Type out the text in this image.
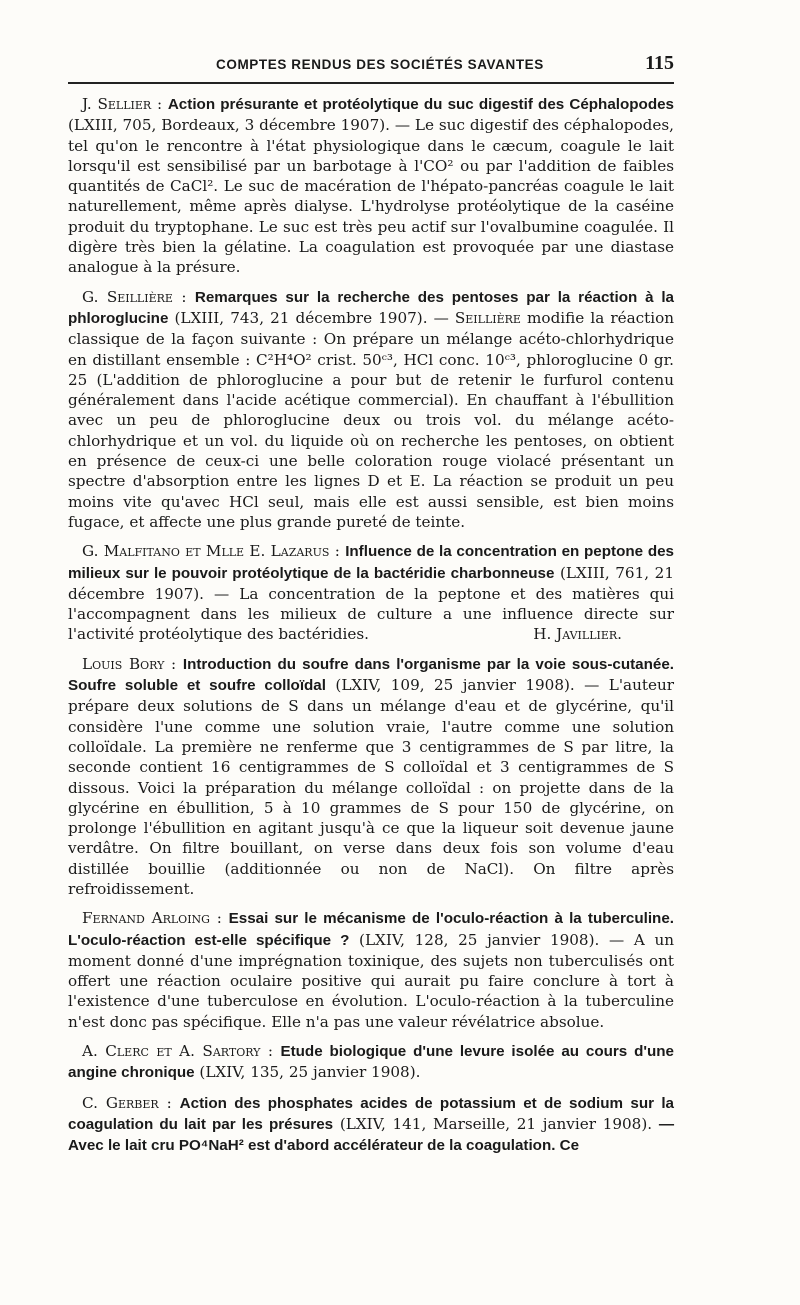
COMPTES RENDUS DES SOCIÉTÉS SAVANTES	115

J. Sellier : Action présurante et protéolytique du suc digestif des Céphalopodes (LXIII, 705, Bordeaux, 3 décembre 1907). — Le suc digestif des céphalopodes, tel qu'on le rencontre à l'état physiologique dans le cæcum, coagule le lait lorsqu'il est sensibilisé par un barbotage à l'CO² ou par l'addition de faibles quantités de CaCl². Le suc de macération de l'hépato-pancréas coagule le lait naturellement, même après dialyse. L'hydrolyse protéolytique de la caséine produit du tryptophane. Le suc est très peu actif sur l'ovalbumine coagulée. Il digère très bien la gélatine. La coagulation est provoquée par une diastase analogue à la présure.

G. Seillière : Remarques sur la recherche des pentoses par la réaction à la phloroglucine (LXIII, 743, 21 décembre 1907). — Seillière modifie la réaction classique de la façon suivante : On prépare un mélange acéto-chlorhydrique en distillant ensemble : C²H⁴O² crist. 50ᶜ³, HCl conc. 10ᶜ³, phloroglucine 0 gr. 25 (L'addition de phloroglucine a pour but de retenir le furfurol contenu généralement dans l'acide acétique commercial). En chauffant à l'ébullition avec un peu de phloroglucine deux ou trois vol. du mélange acéto-chlorhydrique et un vol. du liquide où on recherche les pentoses, on obtient en présence de ceux-ci une belle coloration rouge violacé présentant un spectre d'absorption entre les lignes D et E. La réaction se produit un peu moins vite qu'avec HCl seul, mais elle est aussi sensible, est bien moins fugace, et affecte une plus grande pureté de teinte.

G. Malfitano et Mlle E. Lazarus : Influence de la concentration en peptone des milieux sur le pouvoir protéolytique de la bactéridie charbonneuse (LXIII, 761, 21 décembre 1907). — La concentration de la peptone et des matières qui l'accompagnent dans les milieux de culture a une influence directe sur l'activité protéolytique des bactéridies.	H. Javillier.

Louis Bory : Introduction du soufre dans l'organisme par la voie sous-cutanée. Soufre soluble et soufre colloïdal (LXIV, 109, 25 janvier 1908). — L'auteur prépare deux solutions de S dans un mélange d'eau et de glycérine, qu'il considère l'une comme une solution vraie, l'autre comme une solution colloïdale. La première ne renferme que 3 centigrammes de S par litre, la seconde contient 16 centigrammes de S colloïdal et 3 centigrammes de S dissous. Voici la préparation du mélange colloïdal : on projette dans de la glycérine en ébullition, 5 à 10 grammes de S pour 150 de glycérine, on prolonge l'ébullition en agitant jusqu'à ce que la liqueur soit devenue jaune verdâtre. On filtre bouillant, on verse dans deux fois son volume d'eau distillée bouillie (additionnée ou non de NaCl). On filtre après refroidissement.

Fernand Arloing : Essai sur le mécanisme de l'oculo-réaction à la tuberculine. L'oculo-réaction est-elle spécifique ? (LXIV, 128, 25 janvier 1908). — A un moment donné d'une imprégnation toxinique, des sujets non tuberculisés ont offert une réaction oculaire positive qui aurait pu faire conclure à tort à l'existence d'une tuberculose en évolution. L'oculo-réaction à la tuberculine n'est donc pas spécifique. Elle n'a pas une valeur révélatrice absolue.

A. Clerc et A. Sartory : Etude biologique d'une levure isolée au cours d'une angine chronique (LXIV, 135, 25 janvier 1908).

C. Gerber : Action des phosphates acides de potassium et de sodium sur la coagulation du lait par les présures (LXIV, 141, Marseille, 21 janvier 1908). — Avec le lait cru PO⁴NaH² est d'abord accélérateur de la coagulation. Ce
